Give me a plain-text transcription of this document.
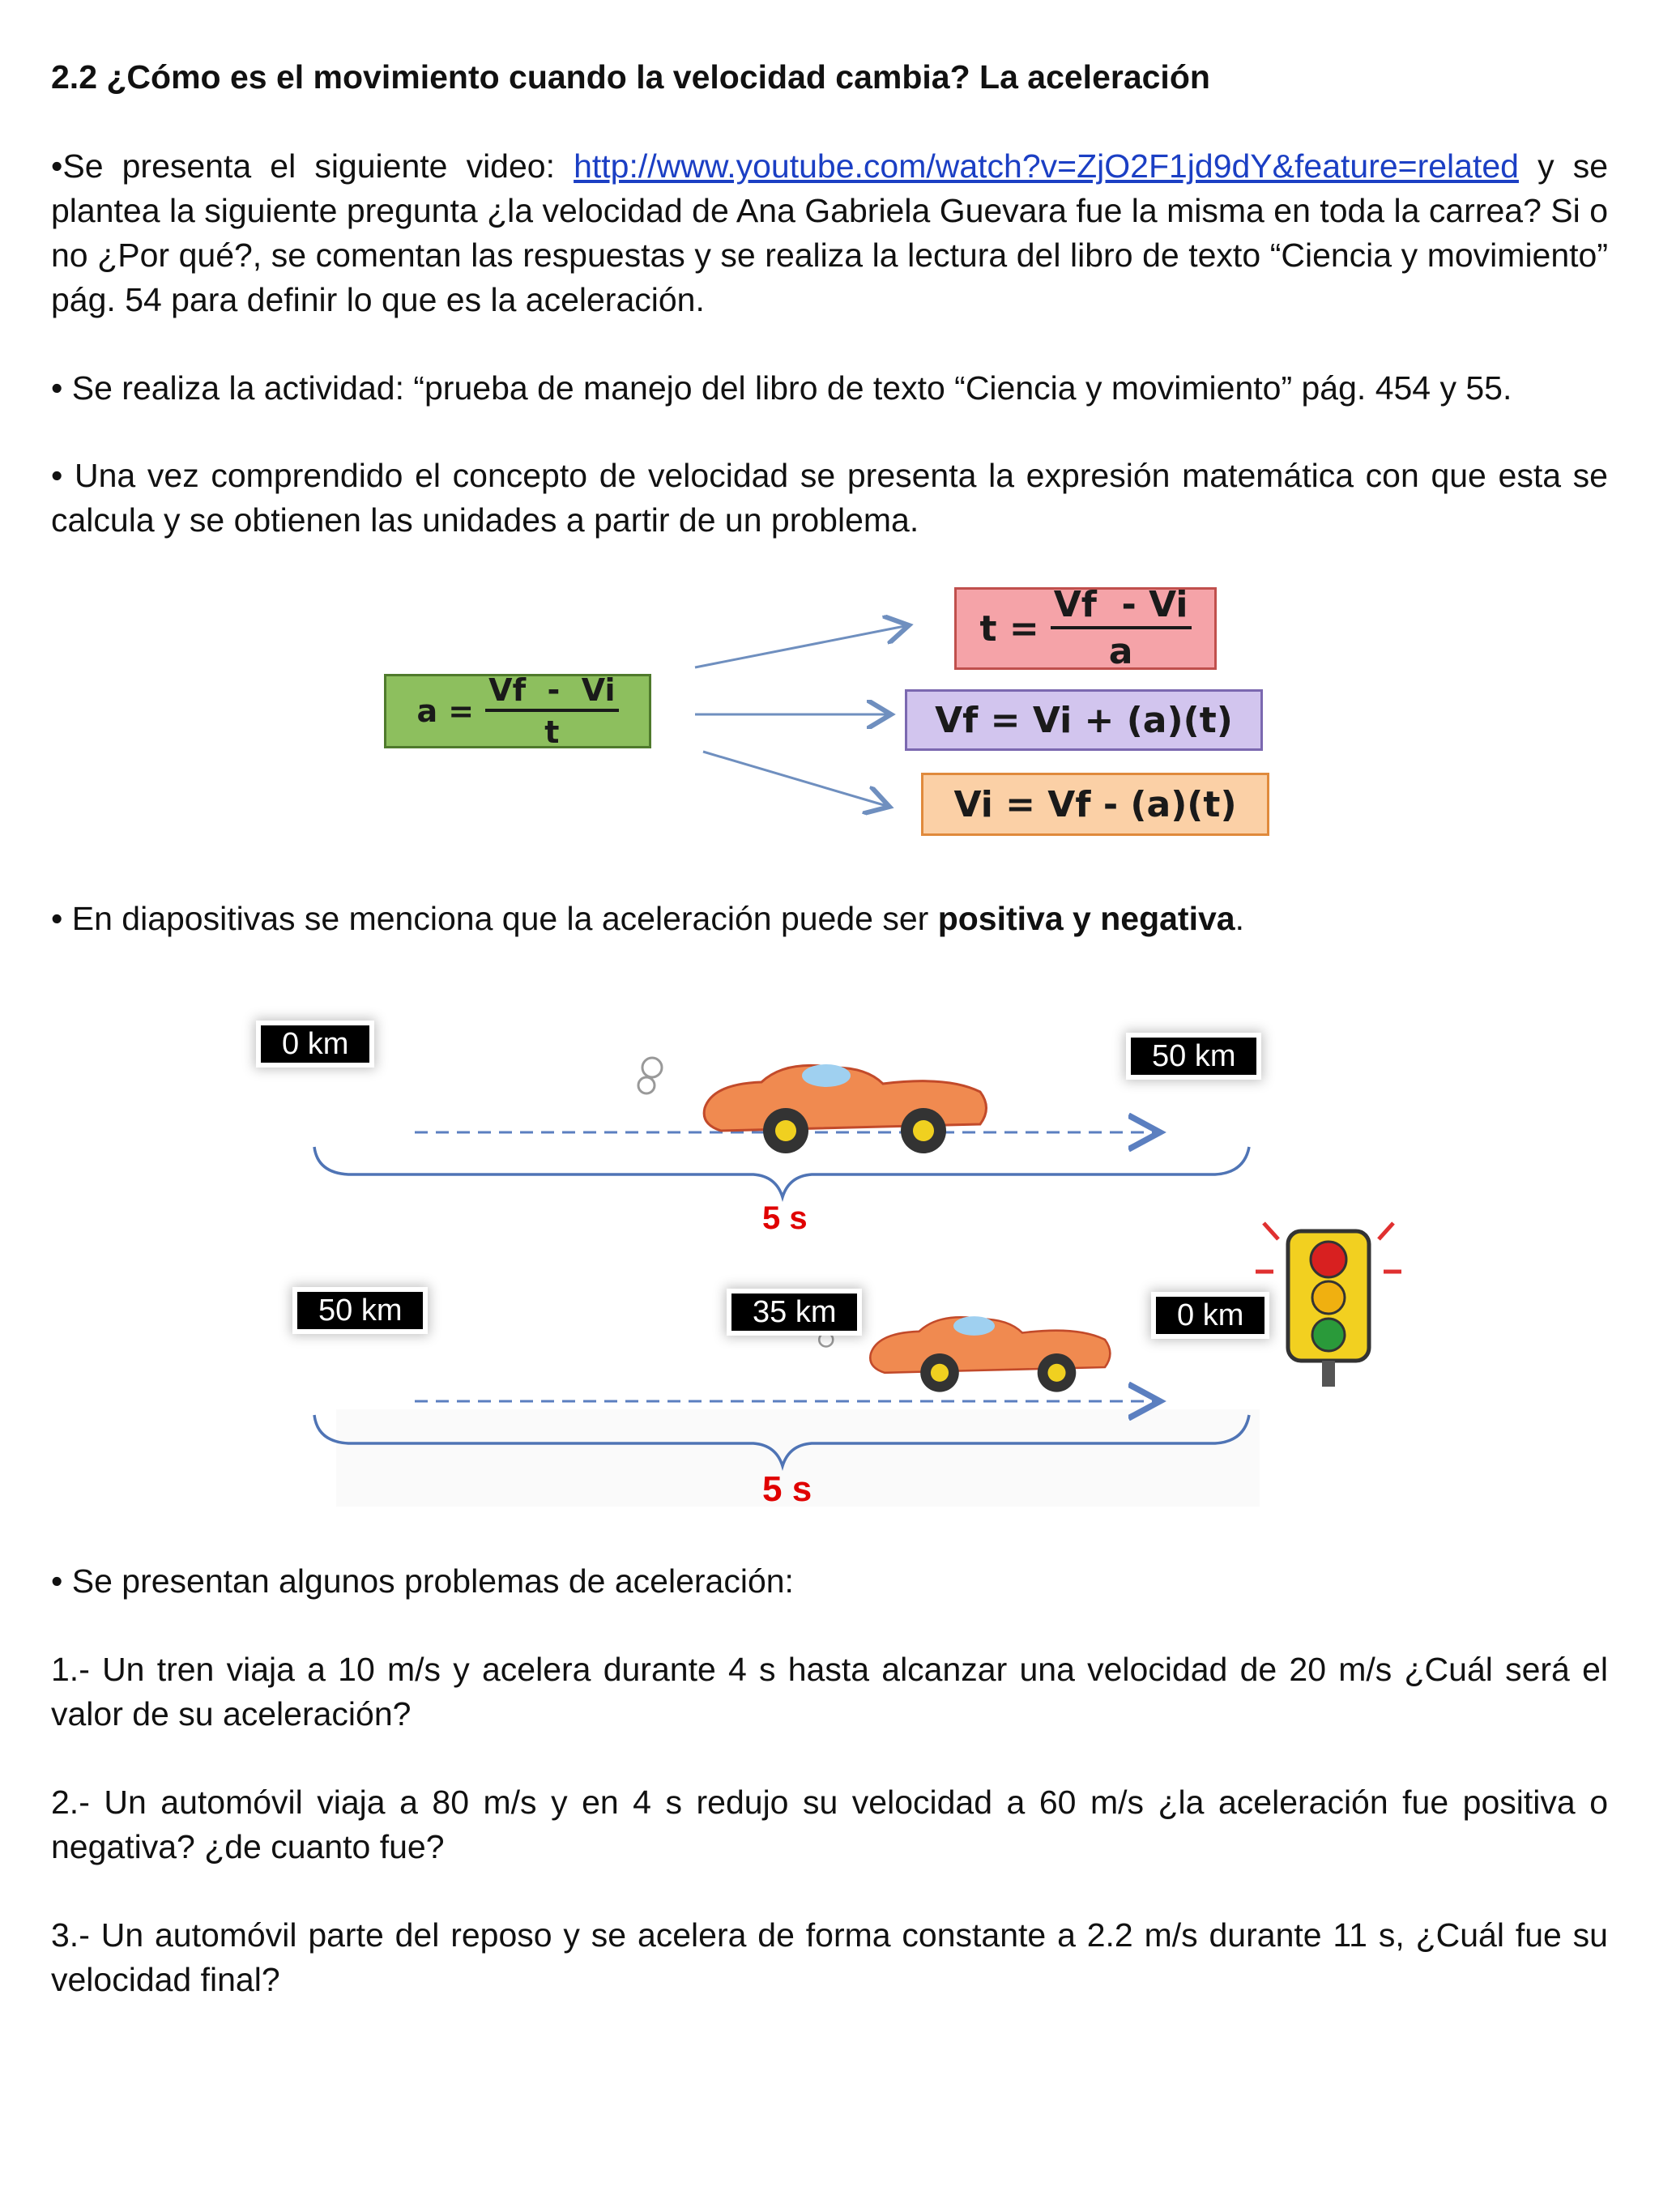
2.2 ¿Cómo es el movimiento cuando la velocidad cambia? La aceleración
•Se presenta el siguiente video: http://www.youtube.com/watch?v=ZjO2F1jd9dY&feature=related y se plantea la siguiente pregunta ¿la velocidad de Ana Gabriela Guevara fue la misma en toda la carrea? Si o no ¿Por qué?, se comentan las respuestas y se realiza la lectura del libro de texto “Ciencia y movimiento” pág. 54 para definir lo que es la aceleración.
• Se realiza la actividad: “prueba de manejo del libro de texto “Ciencia y movimiento” pág. 454 y 55.
• Una vez comprendido el concepto de velocidad se presenta la expresión matemática con que esta se calcula y se obtienen las unidades a partir de un problema.
$a = \frac{Vf - Vi}{t}$
$t = \frac{Vf - Vi}{a}$
Vf = Vi + (a)(t)
Vi = Vf - (a)(t)
• En diapositivas se menciona que la aceleración puede ser positiva y negativa.
0 km	50 km
5 s
50 km	35 km	0 km
5 s
• Se presentan algunos problemas de aceleración:
1.- Un tren viaja a 10 m/s y acelera durante 4 s hasta alcanzar una velocidad de 20 m/s ¿Cuál será el valor de su aceleración?
2.- Un automóvil viaja a 80 m/s y en 4 s redujo su velocidad a 60 m/s ¿la aceleración fue positiva o negativa? ¿de cuanto fue?
3.- Un automóvil parte del reposo y se acelera de forma constante a 2.2 m/s durante 11 s, ¿Cuál fue su velocidad final?
